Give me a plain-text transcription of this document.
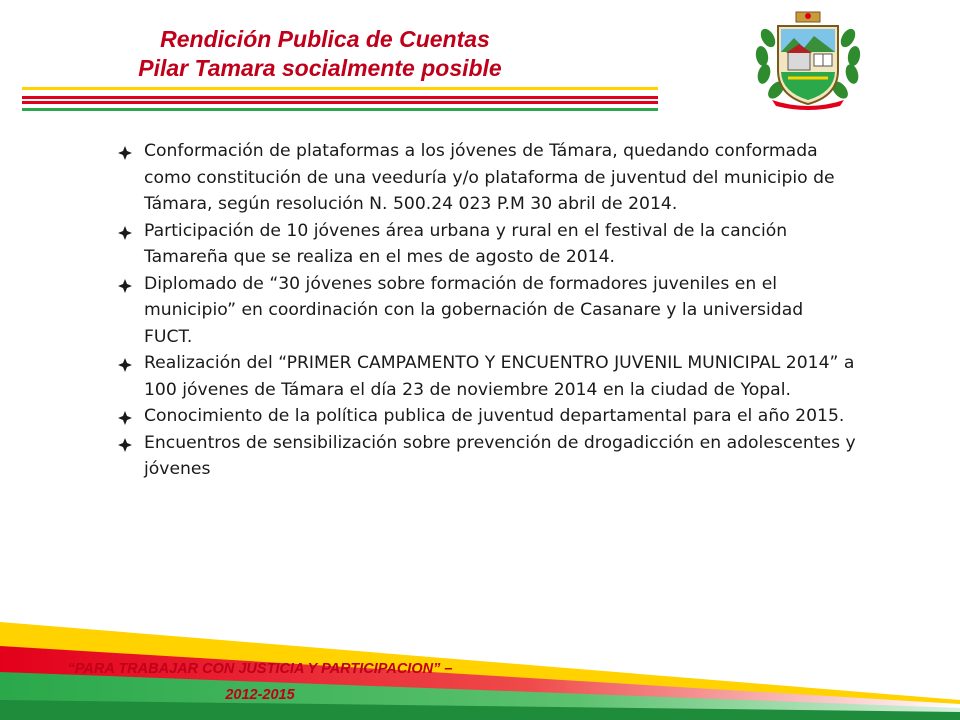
Rendición Publica de Cuentas
Pilar Tamara socialmente posible
Conformación de plataformas a los jóvenes de Támara, quedando conformada como constitución de una veeduría y/o plataforma de juventud del municipio de Támara, según resolución N. 500.24 023 P.M 30 abril de 2014.
Participación de 10 jóvenes área urbana y rural en el festival de la canción Tamareña que se realiza en el mes de agosto de 2014.
Diplomado de “30 jóvenes sobre formación de formadores juveniles en el municipio” en coordinación con la gobernación de Casanare y la universidad FUCT.
Realización del “PRIMER CAMPAMENTO Y ENCUENTRO JUVENIL MUNICIPAL 2014” a 100 jóvenes de Támara el día 23 de noviembre 2014 en la ciudad de Yopal.
Conocimiento de la política publica de juventud departamental para el año 2015.
Encuentros de sensibilización sobre prevención de drogadicción en adolescentes y jóvenes
“PARA TRABAJAR CON JUSTICIA Y PARTICIPACION” –
2012-2015
